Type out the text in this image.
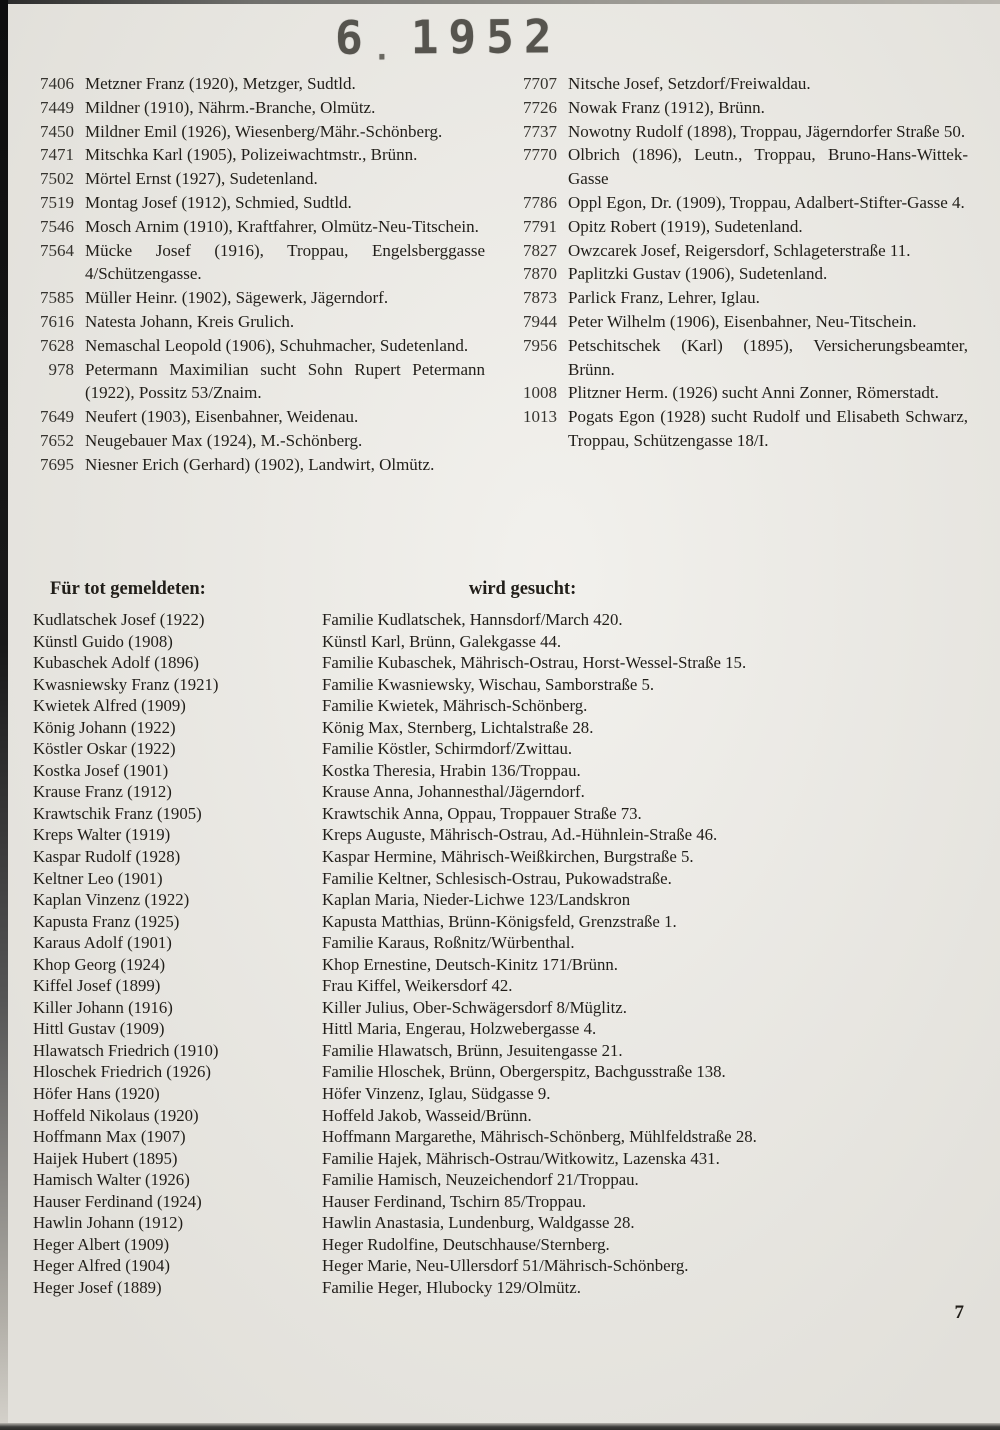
6 . 1952
7406 Metzner Franz (1920), Metzger, Sudtld.
7449 Mildner (1910), Nährm.-Branche, Olmütz.
7450 Mildner Emil (1926), Wiesenberg/Mähr.-Schönberg.
7471 Mitschka Karl (1905), Polizeiwachtmstr., Brünn.
7502 Mörtel Ernst (1927), Sudetenland.
7519 Montag Josef (1912), Schmied, Sudtld.
7546 Mosch Arnim (1910), Kraftfahrer, Olmütz-Neu-Titschein.
7564 Mücke Josef (1916), Troppau, Engelsberggasse 4/Schützengasse.
7585 Müller Heinr. (1902), Sägewerk, Jägerndorf.
7616 Natesta Johann, Kreis Grulich.
7628 Nemaschal Leopold (1906), Schuhmacher, Sudetenland.
978 Petermann Maximilian sucht Sohn Rupert Petermann (1922), Possitz 53/Znaim.
7649 Neufert (1903), Eisenbahner, Weidenau.
7652 Neugebauer Max (1924), M.-Schönberg.
7695 Niesner Erich (Gerhard) (1902), Landwirt, Olmütz.
7707 Nitsche Josef, Setzdorf/Freiwaldau.
7726 Nowak Franz (1912), Brünn.
7737 Nowotny Rudolf (1898), Troppau, Jägerndorfer Straße 50.
7770 Olbrich (1896), Leutn., Troppau, Bruno-Hans-Wittek-Gasse
7786 Oppl Egon, Dr. (1909), Troppau, Adalbert-Stifter-Gasse 4.
7791 Opitz Robert (1919), Sudetenland.
7827 Owzcarek Josef, Reigersdorf, Schlageterstraße 11.
7870 Paplitzki Gustav (1906), Sudetenland.
7873 Parlick Franz, Lehrer, Iglau.
7944 Peter Wilhelm (1906), Eisenbahner, Neu-Titschein.
7956 Petschitschek (Karl) (1895), Versicherungsbeamter, Brünn.
1008 Plitzner Herm. (1926) sucht Anni Zonner, Römerstadt.
1013 Pogats Egon (1928) sucht Rudolf und Elisabeth Schwarz, Troppau, Schützengasse 18/I.
Für tot gemeldeten:	wird gesucht:
Kudlatschek Josef (1922)	Familie Kudlatschek, Hannsdorf/March 420.
Künstl Guido (1908)	Künstl Karl, Brünn, Galekgasse 44.
Kubaschek Adolf (1896)	Familie Kubaschek, Mährisch-Ostrau, Horst-Wessel-Straße 15.
Kwasniewsky Franz (1921)	Familie Kwasniewsky, Wischau, Samborstraße 5.
Kwietek Alfred (1909)	Familie Kwietek, Mährisch-Schönberg.
König Johann (1922)	König Max, Sternberg, Lichtalstraße 28.
Köstler Oskar (1922)	Familie Köstler, Schirmdorf/Zwittau.
Kostka Josef (1901)	Kostka Theresia, Hrabin 136/Troppau.
Krause Franz (1912)	Krause Anna, Johannesthal/Jägerndorf.
Krawtschik Franz (1905)	Krawtschik Anna, Oppau, Troppauer Straße 73.
Kreps Walter (1919)	Kreps Auguste, Mährisch-Ostrau, Ad.-Hühnlein-Straße 46.
Kaspar Rudolf (1928)	Kaspar Hermine, Mährisch-Weißkirchen, Burgstraße 5.
Keltner Leo (1901)	Familie Keltner, Schlesisch-Ostrau, Pukowadstraße.
Kaplan Vinzenz (1922)	Kaplan Maria, Nieder-Lichwe 123/Landskron
Kapusta Franz (1925)	Kapusta Matthias, Brünn-Königsfeld, Grenzstraße 1.
Karaus Adolf (1901)	Familie Karaus, Roßnitz/Würbenthal.
Khop Georg (1924)	Khop Ernestine, Deutsch-Kinitz 171/Brünn.
Kiffel Josef (1899)	Frau Kiffel, Weikersdorf 42.
Killer Johann (1916)	Killer Julius, Ober-Schwägersdorf 8/Müglitz.
Hittl Gustav (1909)	Hittl Maria, Engerau, Holzwebergasse 4.
Hlawatsch Friedrich (1910)	Familie Hlawatsch, Brünn, Jesuitengasse 21.
Hloschek Friedrich (1926)	Familie Hloschek, Brünn, Obergerspitz, Bachgusstraße 138.
Höfer Hans (1920)	Höfer Vinzenz, Iglau, Südgasse 9.
Hoffeld Nikolaus (1920)	Hoffeld Jakob, Wasseid/Brünn.
Hoffmann Max (1907)	Hoffmann Margarethe, Mährisch-Schönberg, Mühlfeldstraße 28.
Haijek Hubert (1895)	Familie Hajek, Mährisch-Ostrau/Witkowitz, Lazenska 431.
Hamisch Walter (1926)	Familie Hamisch, Neuzeichendorf 21/Troppau.
Hauser Ferdinand (1924)	Hauser Ferdinand, Tschirn 85/Troppau.
Hawlin Johann (1912)	Hawlin Anastasia, Lundenburg, Waldgasse 28.
Heger Albert (1909)	Heger Rudolfine, Deutschhause/Sternberg.
Heger Alfred (1904)	Heger Marie, Neu-Ullersdorf 51/Mährisch-Schönberg.
Heger Josef (1889)	Familie Heger, Hlubocky 129/Olmütz.
7
